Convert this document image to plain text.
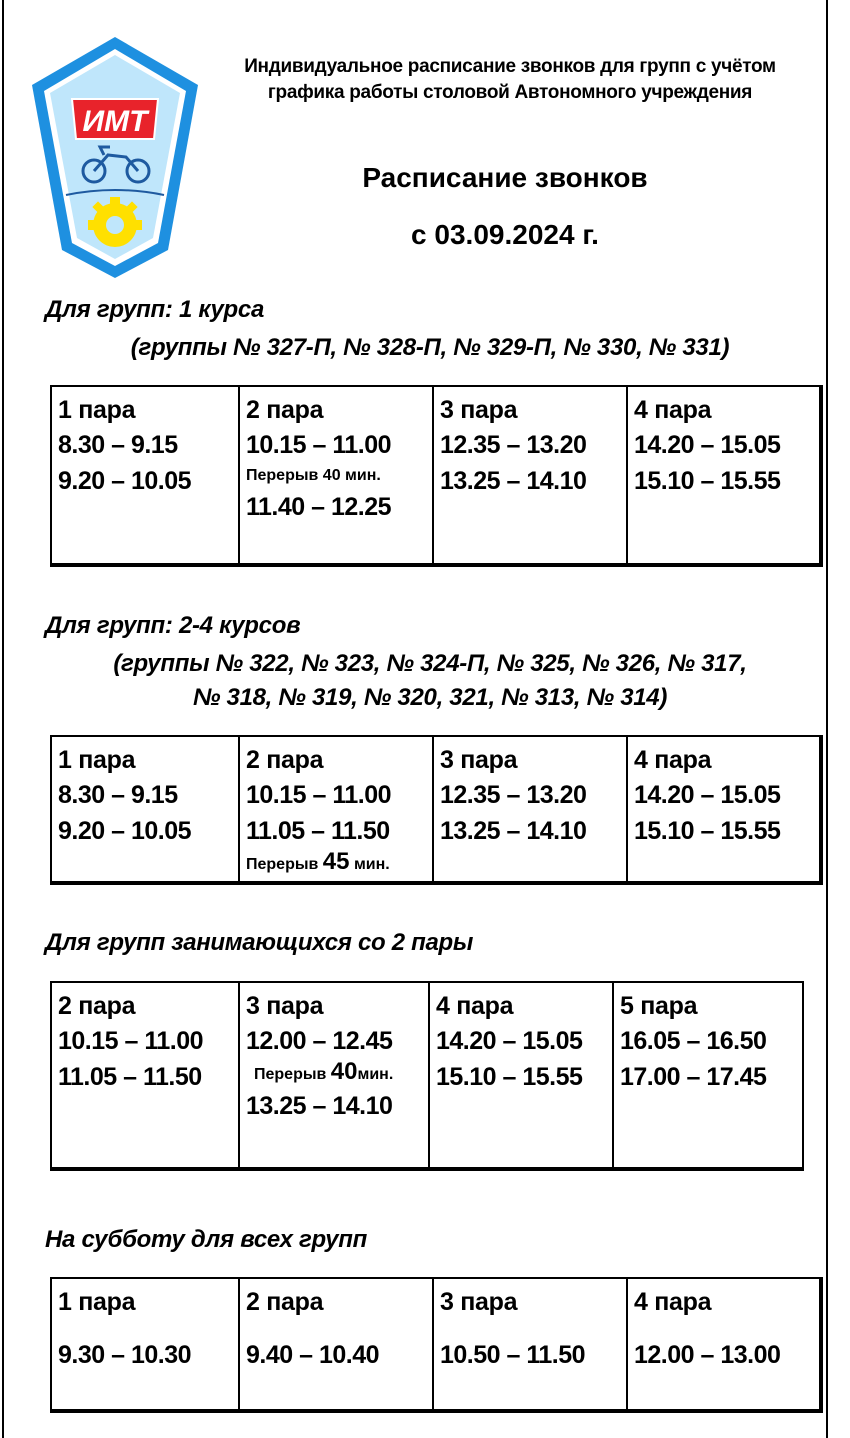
ИМТ
Индивидуальное расписание звонков для групп с учётом
графика работы столовой Автономного учреждения
Расписание звонков
с 03.09.2024 г.
Для групп: 1 курса
(группы № 327-П, № 328-П, № 329-П, № 330, № 331)
1 пара
8.30 – 9.15
9.20 – 10.05

2 пара
10.15 – 11.00
Перерыв 40 мин.
11.40 – 12.25

3 пара
12.35 – 13.20
13.25 – 14.10

4 пара
14.20 – 15.05
15.10 – 15.55
Для групп: 2-4 курсов
(группы № 322, № 323, № 324-П, № 325, № 326, № 317,
№ 318, № 319, № 320, 321, № 313, № 314)
1 пара
8.30 – 9.15
9.20 – 10.05

2 пара
10.15 – 11.00
11.05 – 11.50
Перерыв 45 мин.

3 пара
12.35 – 13.20
13.25 – 14.10

4 пара
14.20 – 15.05
15.10 – 15.55
Для групп занимающихся со 2 пары
2 пара
10.15 – 11.00
11.05 – 11.50

3 пара
12.00 – 12.45
Перерыв 40мин.
13.25 – 14.10

4 пара
14.20 – 15.05
15.10 – 15.55

5 пара
16.05 – 16.50
17.00 – 17.45
На субботу для всех групп
1 пара
9.30 – 10.30

2 пара
9.40 – 10.40

3 пара
10.50 – 11.50

4 пара
12.00 – 13.00
